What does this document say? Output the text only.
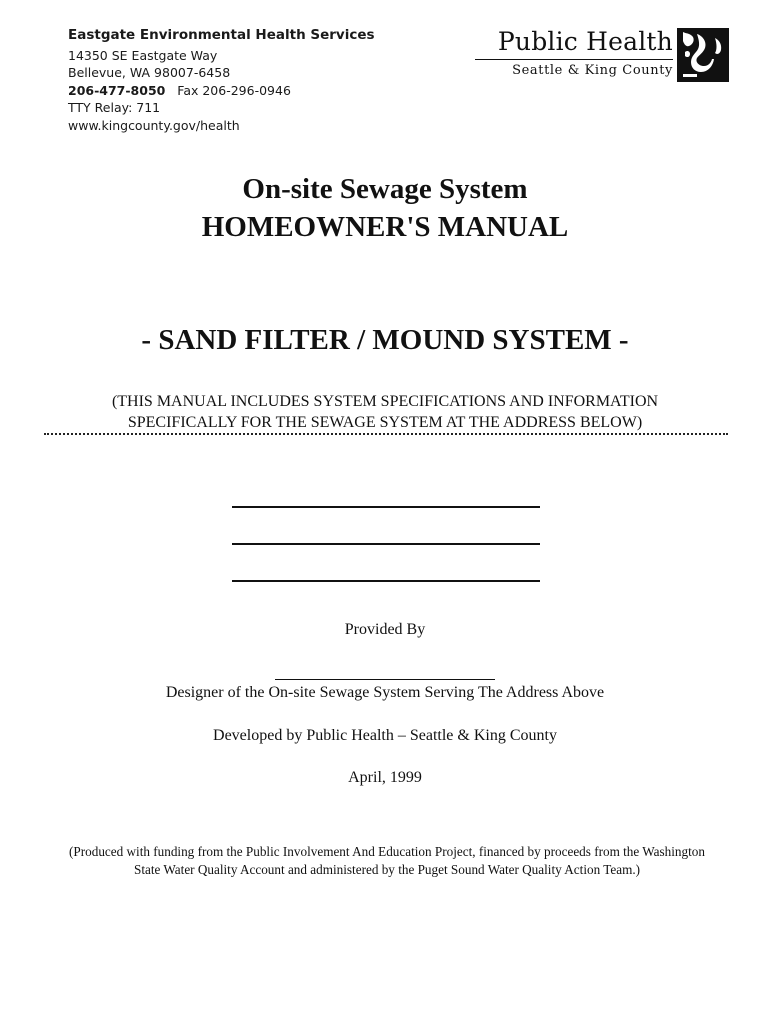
Eastgate Environmental Health Services
14350 SE Eastgate Way
Bellevue, WA 98007-6458
206-477-8050 Fax 206-296-0946
TTY Relay: 711
www.kingcounty.gov/health
Public Health
Seattle & King County
On-site Sewage System
HOMEOWNER'S MANUAL
- SAND FILTER / MOUND SYSTEM -
(THIS MANUAL INCLUDES SYSTEM SPECIFICATIONS AND INFORMATION
SPECIFICALLY FOR THE SEWAGE SYSTEM AT THE ADDRESS BELOW)
Provided By
Designer of the On-site Sewage System Serving The Address Above
Developed by Public Health – Seattle & King County
April, 1999
(Produced with funding from the Public Involvement And Education Project, financed by proceeds from the Washington
State Water Quality Account and administered by the Puget Sound Water Quality Action Team.)
